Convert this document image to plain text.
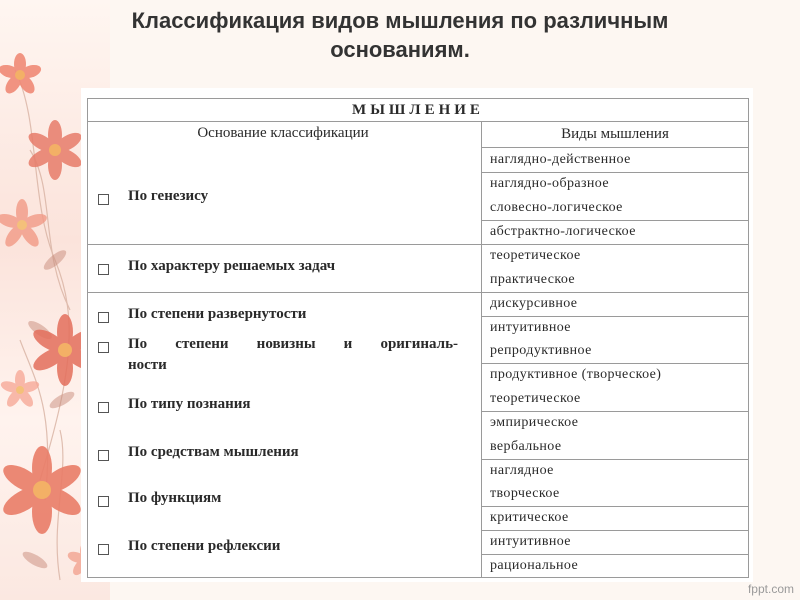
Классификация видов мышления по различным
основаниям.
МЫШЛЕНИЕ
Основание классификации	Виды мышления
наглядно-действенное
наглядно-образное
словесно-логическое
абстрактно-логическое
теоретическое
практическое
дискурсивное
интуитивное
репродуктивное
продуктивное (творческое)
теоретическое
эмпирическое
вербальное
наглядное
творческое
критическое
интуитивное
рациональное
По генезису
По характеру решаемых задач
По степени развернутости
По степени новизны и оригиналь-
ности
По типу познания
По средствам мышления
По функциям
По степени рефлексии
fppt.com
